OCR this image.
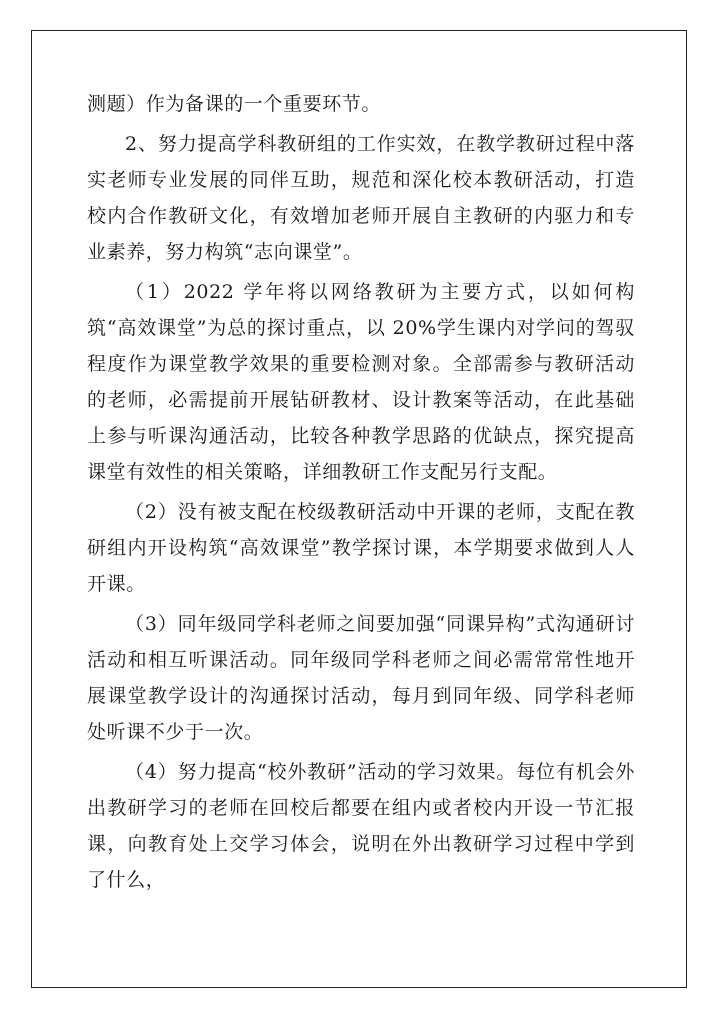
测题）作为备课的一个重要环节。

2、努力提高学科教研组的工作实效，在教学教研过程中落实老师专业发展的同伴互助，规范和深化校本教研活动，打造校内合作教研文化，有效增加老师开展自主教研的内驱力和专业素养，努力构筑“志向课堂”。

（1）2022 学年将以网络教研为主要方式，以如何构筑“高效课堂”为总的探讨重点，以 20%学生课内对学问的驾驭程度作为课堂教学效果的重要检测对象。全部需参与教研活动的老师，必需提前开展钻研教材、设计教案等活动，在此基础上参与听课沟通活动，比较各种教学思路的优缺点，探究提高课堂有效性的相关策略，详细教研工作支配另行支配。

（2）没有被支配在校级教研活动中开课的老师，支配在教研组内开设构筑“高效课堂”教学探讨课，本学期要求做到人人开课。

（3）同年级同学科老师之间要加强“同课异构”式沟通研讨活动和相互听课活动。同年级同学科老师之间必需常常性地开展课堂教学设计的沟通探讨活动，每月到同年级、同学科老师处听课不少于一次。

（4）努力提高“校外教研”活动的学习效果。每位有机会外出教研学习的老师在回校后都要在组内或者校内开设一节汇报课，向教育处上交学习体会，说明在外出教研学习过程中学到了什么，
